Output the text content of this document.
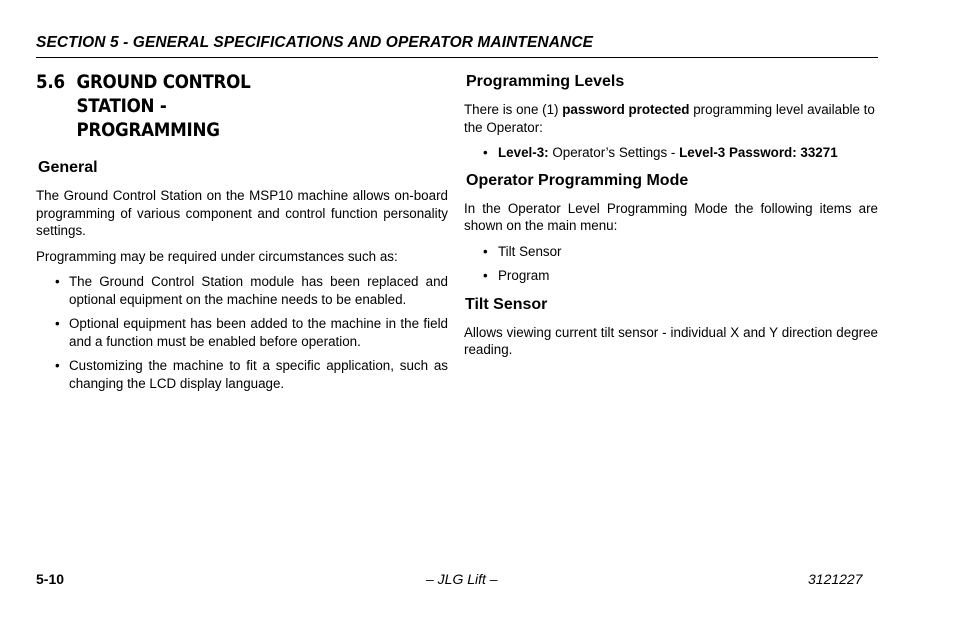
SECTION 5 - GENERAL SPECIFICATIONS AND OPERATOR MAINTENANCE
5.6 GROUND CONTROL STATION - PROGRAMMING
General

The Ground Control Station on the MSP10 machine allows on-board programming of various component and control function personality settings.

Programming may be required under circumstances such as:

• The Ground Control Station module has been replaced and optional equipment on the machine needs to be enabled.
• Optional equipment has been added to the machine in the field and a function must be enabled before operation.
• Customizing the machine to fit a specific application, such as changing the LCD display language.
Programming Levels

There is one (1) password protected programming level available to the Operator:

• Level-3: Operator’s Settings - Level-3 Password: 33271
Operator Programming Mode

In the Operator Level Programming Mode the following items are shown on the main menu:

• Tilt Sensor
• Program
Tilt Sensor

Allows viewing current tilt sensor - individual X and Y direction degree reading.

5-10	– JLG Lift –	3121227
